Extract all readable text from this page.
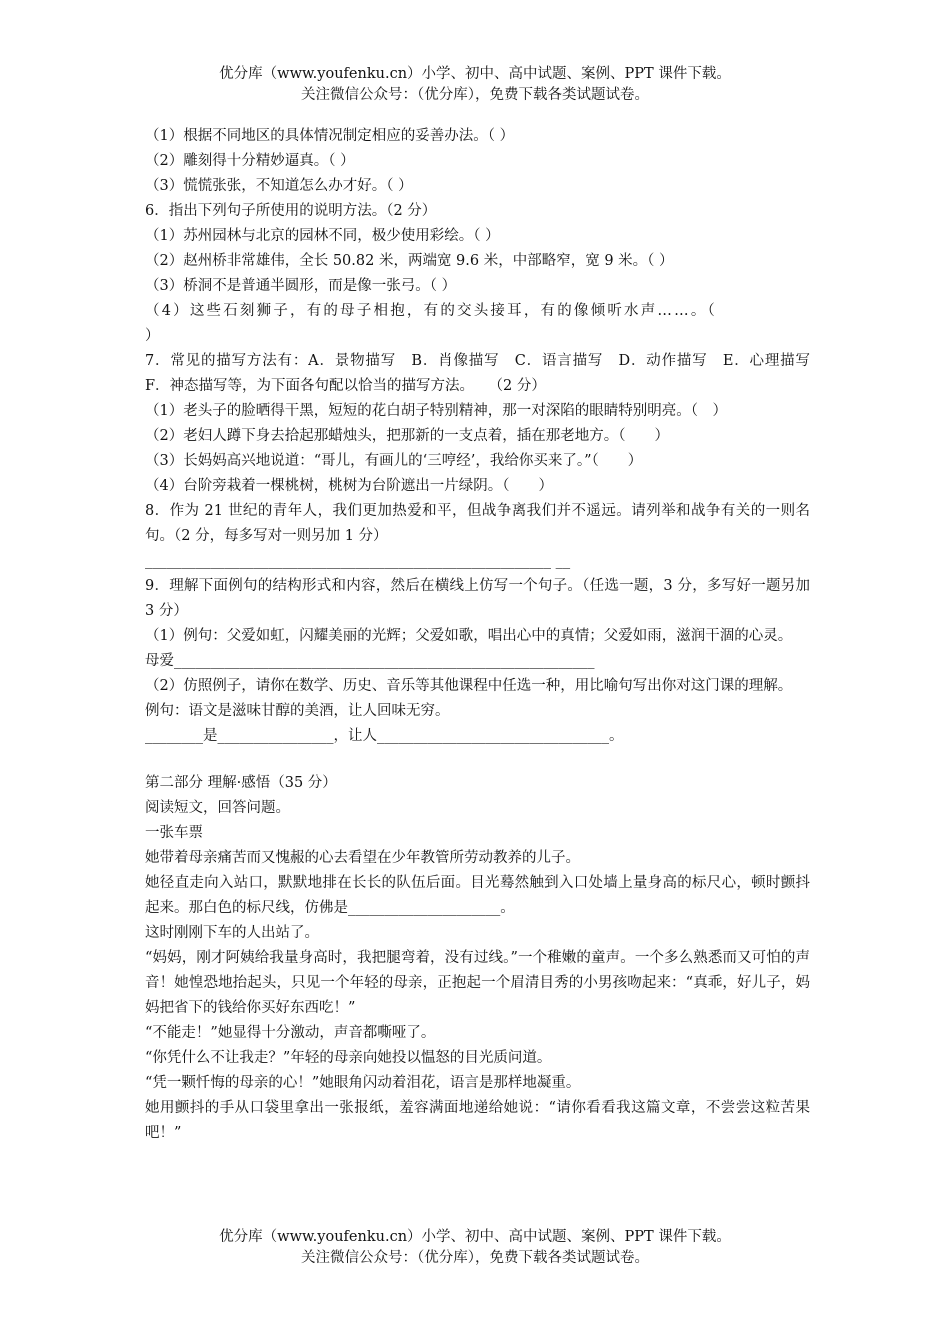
优分库（www.youfenku.cn）小学、初中、高中试题、案例、PPT 课件下载。
关注微信公众号：（优分库），免费下载各类试题试卷。
（1）根据不同地区的具体情况制定相应的妥善办法。（ ）
（2）雕刻得十分精妙逼真。（ ）
（3）慌慌张张，不知道怎么办才好。（ ）
6．指出下列句子所使用的说明方法。（2 分）
（1）苏州园林与北京的园林不同，极少使用彩绘。（ ）
（2）赵州桥非常雄伟，全长 50.82 米，两端宽 9.6 米，中部略窄，宽 9 米。（ ）
（3）桥洞不是普通半圆形，而是像一张弓。（ ）
（4）这些石刻狮子，有的母子相抱，有的交头接耳，有的像倾听水声……。（
）
7．常见的描写方法有：A．景物描写　B．肖像描写　C．语言描写　D．动作描写　E．心理描写　F．神态描写等，为下面各句配以恰当的描写方法。　　（2 分）
（1）老头子的脸晒得干黑，短短的花白胡子特别精神，那一对深陷的眼睛特别明亮。（　）
（2）老妇人蹲下身去拾起那蜡烛头，把那新的一支点着，插在那老地方。（　　）
（3）长妈妈高兴地说道：“哥儿，有画儿的‘三哼经’，我给你买来了。”（　　）
（4）台阶旁栽着一棵桃树，桃树为台阶遮出一片绿阴。（　　）
8．作为 21 世纪的青年人，我们更加热爱和平，但战争离我们并不遥远。请列举和战争有关的一则名句。（2 分，每多写对一则另加 1 分）
________________________________________________________ __
9．理解下面例句的结构形式和内容，然后在横线上仿写一个句子。（任选一题，3 分，多写好一题另加 3 分）
（1）例句：父爱如虹，闪耀美丽的光辉；父爱如歌，唱出心中的真情；父爱如雨，滋润干涸的心灵。
母爱__________________________________________________________
（2）仿照例子，请你在数学、历史、音乐等其他课程中任选一种，用比喻句写出你对这门课的理解。
例句：语文是滋味甘醇的美酒，让人回味无穷。
________是________________，让人________________________________。
第二部分 理解·感悟（35 分）
阅读短文，回答问题。
一张车票
她带着母亲痛苦而又愧赧的心去看望在少年教管所劳动教养的儿子。
她径直走向入站口，默默地排在长长的队伍后面。目光蓦然触到入口处墙上量身高的标尺心，顿时颤抖起来。那白色的标尺线，仿佛是_____________________。
这时刚刚下车的人出站了。
“妈妈，刚才阿姨给我量身高时，我把腿弯着，没有过线。”一个稚嫩的童声。一个多么熟悉而又可怕的声音！她惶恐地抬起头，只见一个年轻的母亲，正抱起一个眉清目秀的小男孩吻起来：“真乖，好儿子，妈妈把省下的钱给你买好东西吃！”
“不能走！”她显得十分激动，声音都嘶哑了。
“你凭什么不让我走？”年轻的母亲向她投以愠怒的目光质问道。
“凭一颗忏悔的母亲的心！”她眼角闪动着泪花，语言是那样地凝重。
她用颤抖的手从口袋里拿出一张报纸，羞容满面地递给她说：“请你看看我这篇文章，不尝尝这粒苦果吧！”
优分库（www.youfenku.cn）小学、初中、高中试题、案例、PPT 课件下载。
关注微信公众号：（优分库），免费下载各类试题试卷。
